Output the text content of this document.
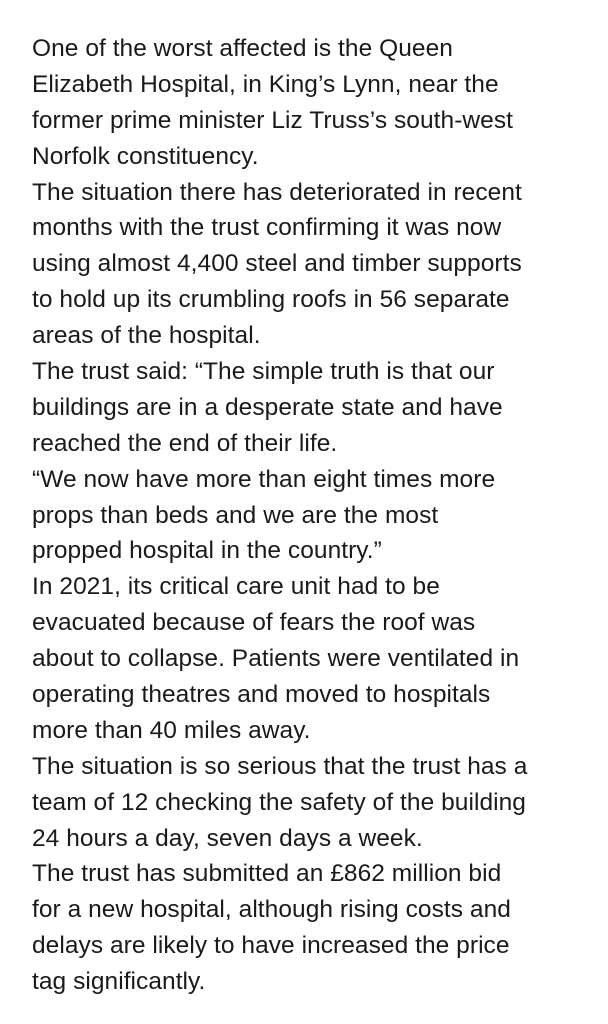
One of the worst affected is the Queen
Elizabeth Hospital, in King’s Lynn, near the
former prime minister Liz Truss’s south-west
Norfolk constituency.

The situation there has deteriorated in recent
months with the trust confirming it was now
using almost 4,400 steel and timber supports
to hold up its crumbling roofs in 56 separate
areas of the hospital.

The trust said: “The simple truth is that our
buildings are in a desperate state and have
reached the end of their life.

“We now have more than eight times more
props than beds and we are the most
propped hospital in the country.”

In 2021, its critical care unit had to be
evacuated because of fears the roof was
about to collapse. Patients were ventilated in
operating theatres and moved to hospitals
more than 40 miles away.

The situation is so serious that the trust has a
team of 12 checking the safety of the building
24 hours a day, seven days a week.

The trust has submitted an £862 million bid
for a new hospital, although rising costs and
delays are likely to have increased the price
tag significantly.
